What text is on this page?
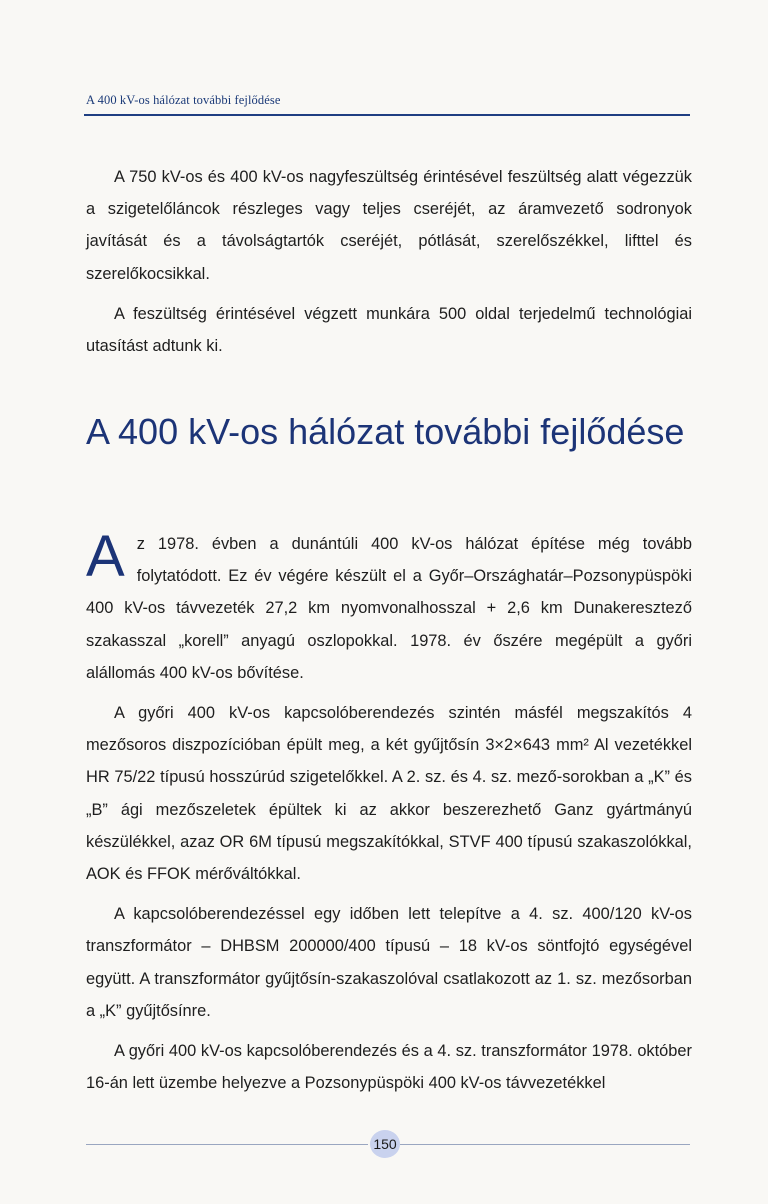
A 400 kV-os hálózat további fejlődése

A 750 kV-os és 400 kV-os nagyfeszültség érintésével feszültség alatt végezzük a szigetelőláncok részleges vagy teljes cseréjét, az áramvezető sodronyok javítását és a távolságtartók cseréjét, pótlását, szerelőszékkel, lifttel és szerelőkocsikkal.

A feszültség érintésével végzett munkára 500 oldal terjedelmű technológiai utasítást adtunk ki.

A 400 kV-os hálózat további fejlődése

Az 1978. évben a dunántúli 400 kV-os hálózat építése még tovább folytatódott. Ez év végére készült el a Győr–Országhatár–Pozsonypüspöki 400 kV-os távvezeték 27,2 km nyomvonalhosszal + 2,6 km Dunakeresztező szakasszal „korell” anyagú oszlopokkal. 1978. év őszére megépült a győri alállomás 400 kV-os bővítése.

A győri 400 kV-os kapcsolóberendezés szintén másfél megszakítós 4 mezősoros diszpozícióban épült meg, a két gyűjtősín 3×2×643 mm² Al vezetékkel HR 75/22 típusú hosszúrúd szigetelőkkel. A 2. sz. és 4. sz. mező-sorokban a „K” és „B” ági mezőszeletek épültek ki az akkor beszerezhető Ganz gyártmányú készülékkel, azaz OR 6M típusú megszakítókkal, STVF 400 típusú szakaszolókkal, AOK és FFOK mérőváltókkal.

A kapcsolóberendezéssel egy időben lett telepítve a 4. sz. 400/120 kV-os transzformátor – DHBSM 200000/400 típusú – 18 kV-os söntfojtó egységével együtt. A transzformátor gyűjtősín-szakaszolóval csatlakozott az 1. sz. mezősorban a „K” gyűjtősínre.

A győri 400 kV-os kapcsolóberendezés és a 4. sz. transzformátor 1978. október 16-án lett üzembe helyezve a Pozsonypüspöki 400 kV-os távvezetékkel

150
